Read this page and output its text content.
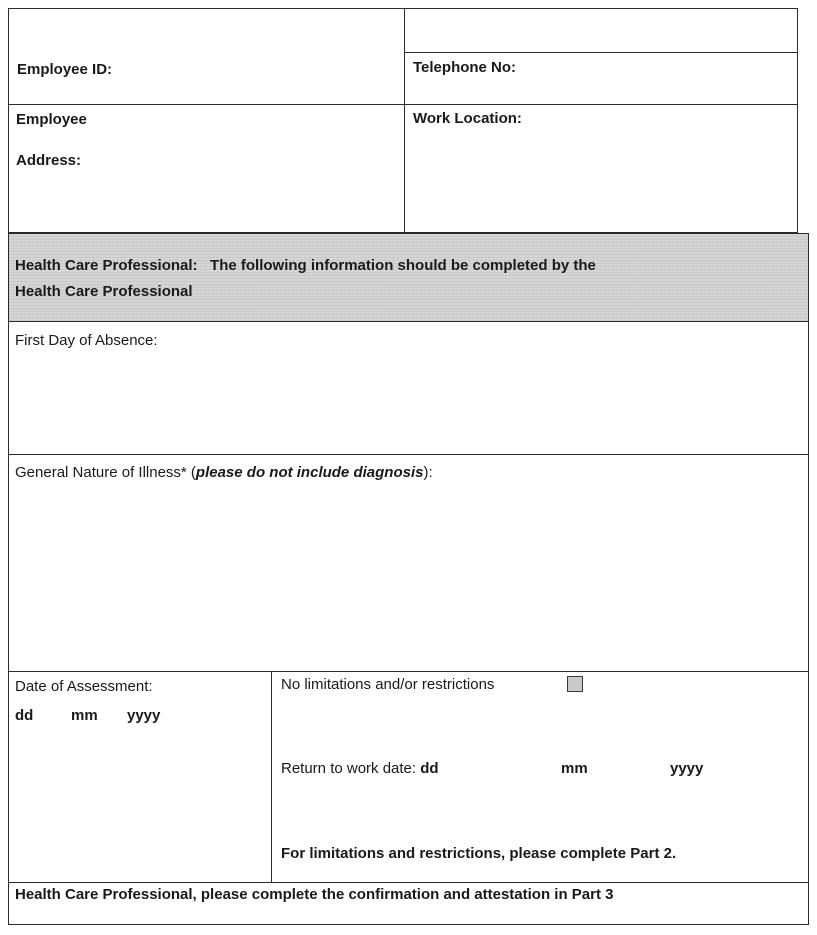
Employee ID:	Telephone No:
Employee
Address:
Work Location:
Health Care Professional:   The following information should be completed by the
Health Care Professional
First Day of Absence:
General Nature of Illness* (please do not include diagnosis):
Date of Assessment:
dd	mm yyyy
No limitations and/or restrictions
Return to work date: dd	mm	yyyy
For limitations and restrictions, please complete Part 2.
Health Care Professional, please complete the confirmation and attestation in Part 3
